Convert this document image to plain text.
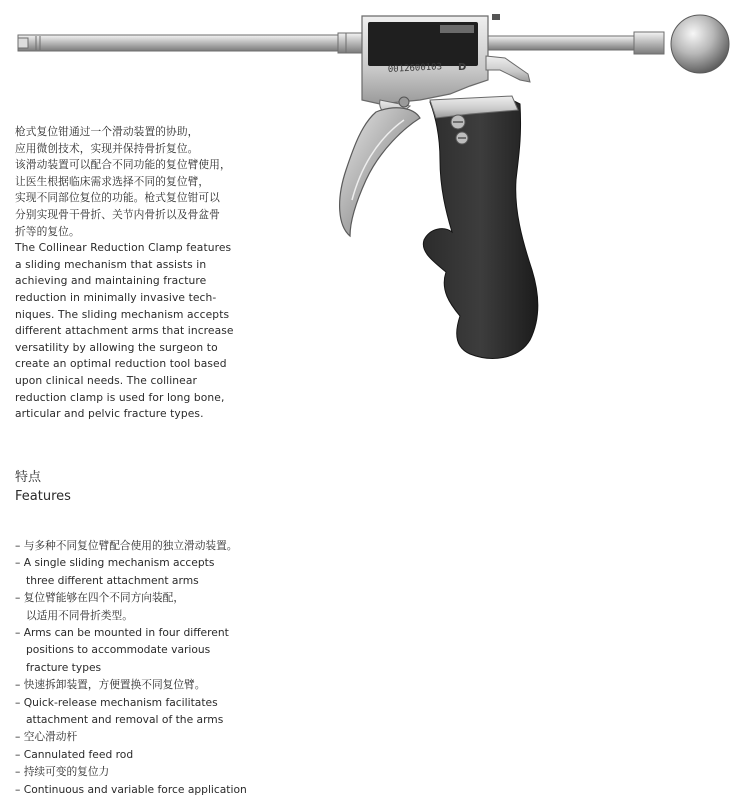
0012600103 D
枪式复位钳通过一个滑动装置的协助，
应用微创技术，实现并保持骨折复位。
该滑动装置可以配合不同功能的复位臂使用，
让医生根据临床需求选择不同的复位臂，
实现不同部位复位的功能。枪式复位钳可以
分别实现骨干骨折、关节内骨折以及骨盆骨
折等的复位。
The Collinear Reduction Clamp features
a sliding mechanism that assists in
achieving and maintaining fracture
reduction in minimally invasive tech-
niques. The sliding mechanism accepts
different attachment arms that increase
versatility by allowing the surgeon to
create an optimal reduction tool based
upon clinical needs. The collinear
reduction clamp is used for long bone,
articular and pelvic fracture types.
特点
Features
– 与多种不同复位臂配合使用的独立滑动装置。
– A single sliding mechanism accepts
three different attachment arms
– 复位臂能够在四个不同方向装配，
以适用不同骨折类型。
– Arms can be mounted in four different
positions to accommodate various
fracture types
– 快速拆卸装置，方便置换不同复位臂。
– Quick-release mechanism facilitates
attachment and removal of the arms
– 空心滑动杆
– Cannulated feed rod
– 持续可变的复位力
– Continuous and variable force application
